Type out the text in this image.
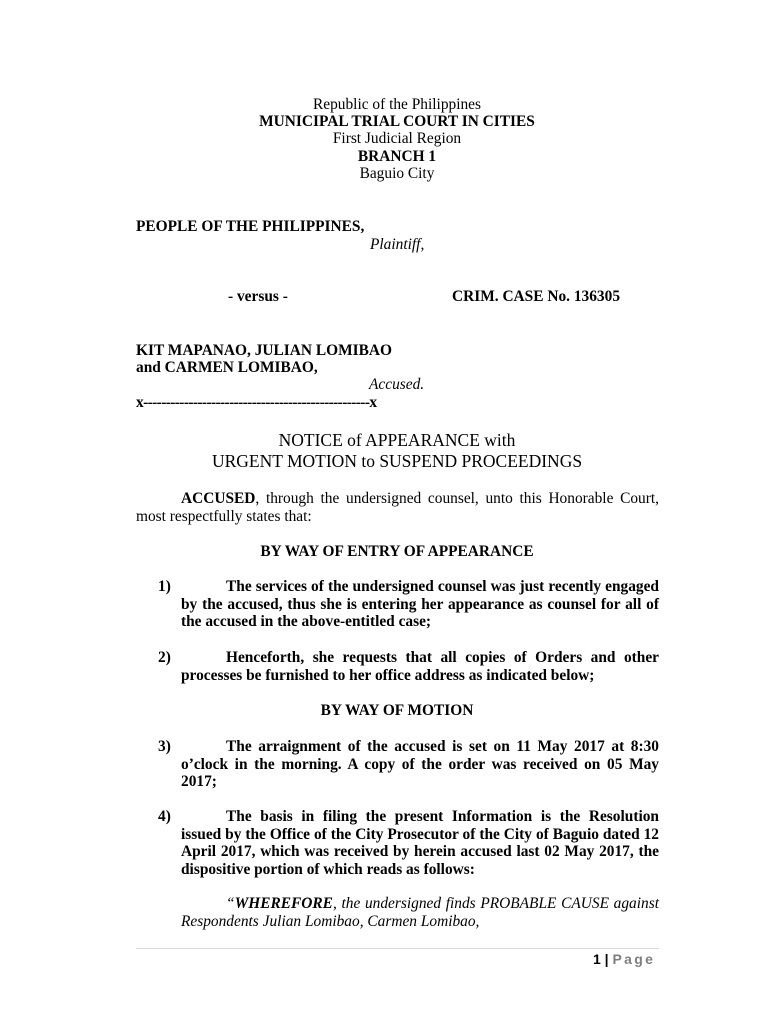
Republic of the Philippines
MUNICIPAL TRIAL COURT IN CITIES
First Judicial Region
BRANCH 1
Baguio City
PEOPLE OF THE PHILIPPINES,
Plaintiff,
- versus -	CRIM. CASE No. 136305
KIT MAPANAO, JULIAN LOMIBAO
and CARMEN LOMIBAO,
Accused.
x--------------------------------------------------x
NOTICE of APPEARANCE with
URGENT MOTION to SUSPEND PROCEEDINGS
ACCUSED, through the undersigned counsel, unto this Honorable Court, most respectfully states that:
BY WAY OF ENTRY OF APPEARANCE
1)	The services of the undersigned counsel was just recently engaged by the accused, thus she is entering her appearance as counsel for all of the accused in the above-entitled case;
2)	Henceforth, she requests that all copies of Orders and other processes be furnished to her office address as indicated below;
BY WAY OF MOTION
3)	The arraignment of the accused is set on 11 May 2017 at 8:30 o’clock in the morning. A copy of the order was received on 05 May 2017;
4)	The basis in filing the present Information is the Resolution issued by the Office of the City Prosecutor of the City of Baguio dated 12 April 2017, which was received by herein accused last 02 May 2017, the dispositive portion of which reads as follows:
“WHEREFORE, the undersigned finds PROBABLE CAUSE against Respondents Julian Lomibao, Carmen Lomibao,
1 | Page
